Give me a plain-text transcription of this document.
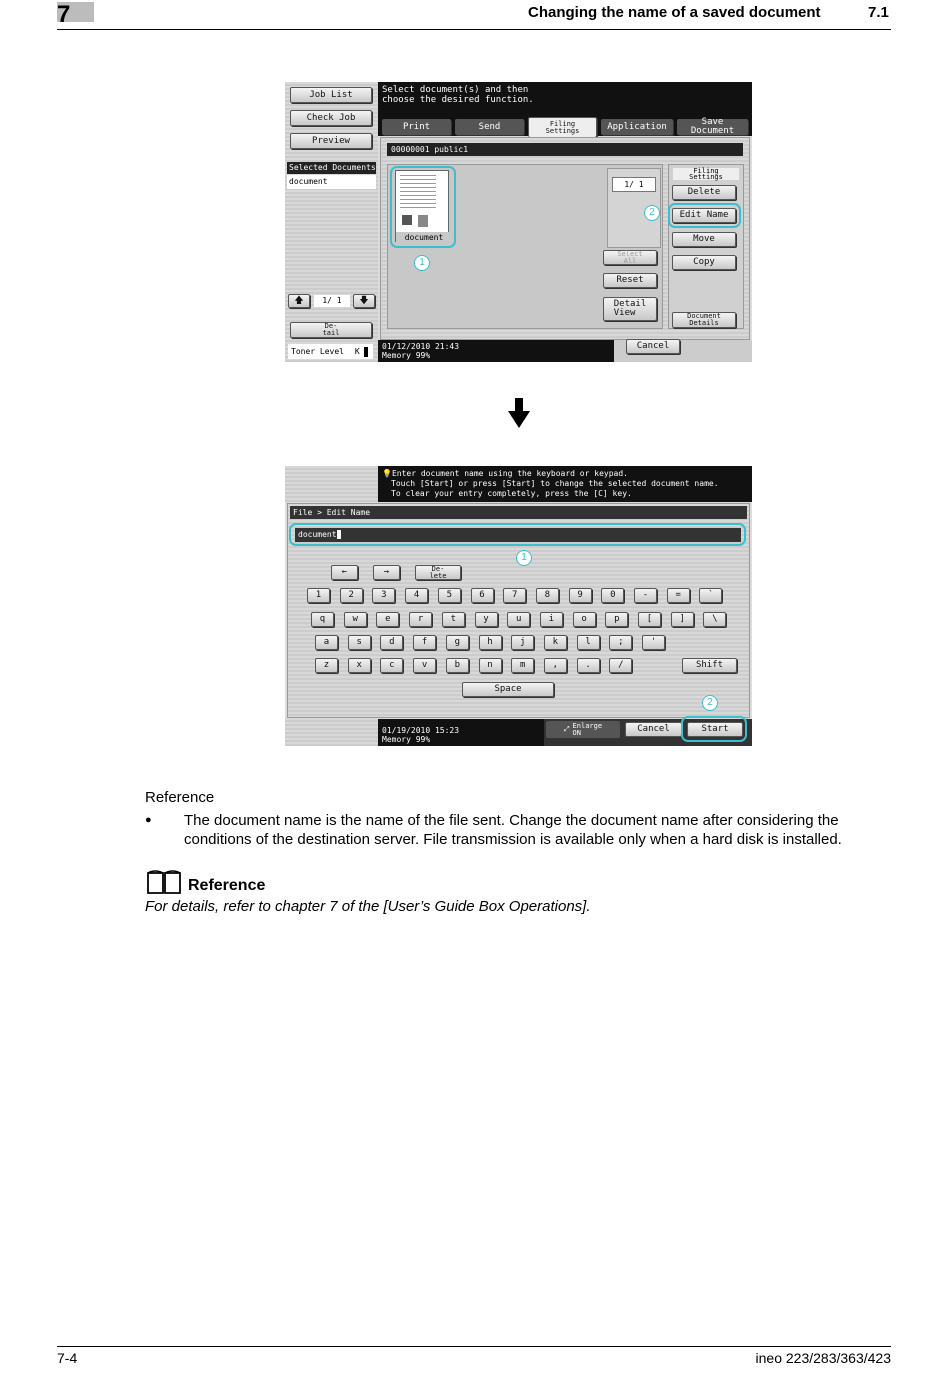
7	Changing the name of a saved document	7.1
Job List
Check Job
Preview
Selected Documents
document
🡅	1/ 1	🡇
De-
tail
Toner Level K
Select document(s) and then
choose the desired function.
Print	Send	Filing
Settings	Application	Save Document
00000001 public1
document
1
1/ 1
Select
All
Reset
Detail
View
Filing
Settings
Delete
Edit Name
2
Move
Copy
Document
Details
01/12/2010 21:43
Memory 99%
Cancel
💡Enter document name using the keyboard or keypad.
Touch [Start] or press [Start] to change the selected document name.
To clear your entry completely, press the [C] key.
File > Edit Name
document
1
←	→	De-
lete
1	2	3	4	5	6	7	8	9	0	-	=	`
q	w	e	r	t	y	u	i	o	p	[	]	\
a	s	d	f	g	h	j	k	l	;	'
z	x	c	v	b	n	m	,	.	/	Shift
Space
01/19/2010 15:23
Memory 99%
⤢ Enlarge
ON	Cancel	Start
2
Reference
● The document name is the name of the file sent. Change the document name after considering the conditions of the destination server. File transmission is available only when a hard disk is installed.
Reference
For details, refer to chapter 7 of the [User’s Guide Box Operations].
7-4	ineo 223/283/363/423
